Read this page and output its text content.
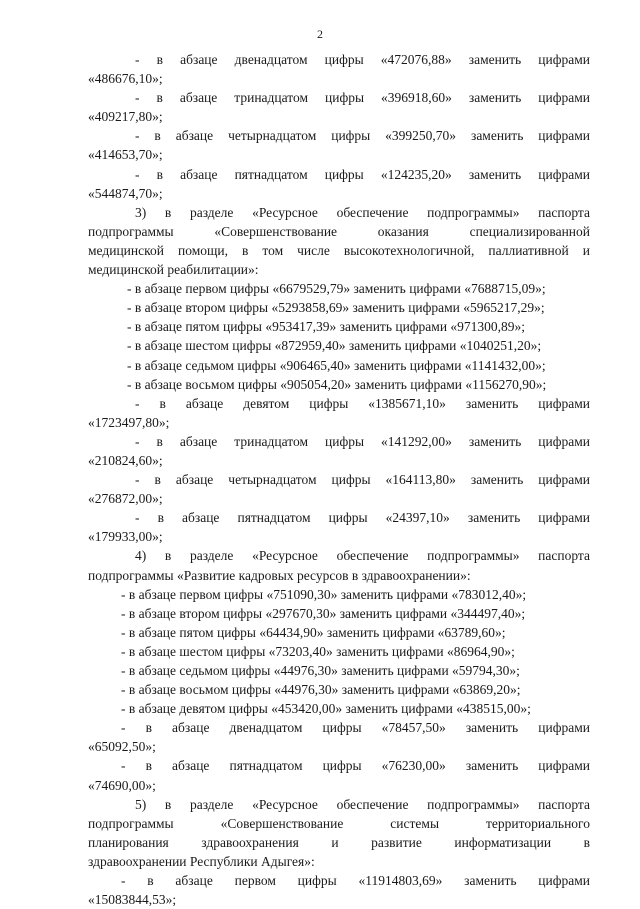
2
- в абзаце двенадцатом цифры «472076,88» заменить цифрами
«486676,10»;
- в абзаце тринадцатом цифры «396918,60» заменить цифрами
«409217,80»;
- в абзаце четырнадцатом цифры «399250,70» заменить цифрами
«414653,70»;
- в абзаце пятнадцатом цифры «124235,20» заменить цифрами
«544874,70»;
3) в разделе «Ресурсное обеспечение подпрограммы» паспорта
подпрограммы «Совершенствование оказания специализированной
медицинской помощи, в том числе высокотехнологичной, паллиативной и
медицинской реабилитации»:
- в абзаце первом цифры «6679529,79» заменить цифрами «7688715,09»;
- в абзаце втором цифры «5293858,69» заменить цифрами «5965217,29»;
- в абзаце пятом цифры «953417,39» заменить цифрами «971300,89»;
- в абзаце шестом цифры «872959,40» заменить цифрами «1040251,20»;
- в абзаце седьмом цифры «906465,40» заменить цифрами «1141432,00»;
- в абзаце восьмом цифры «905054,20» заменить цифрами «1156270,90»;
- в абзаце девятом цифры «1385671,10» заменить цифрами
«1723497,80»;
- в абзаце тринадцатом цифры «141292,00» заменить цифрами
«210824,60»;
- в абзаце четырнадцатом цифры «164113,80» заменить цифрами
«276872,00»;
- в абзаце пятнадцатом цифры «24397,10» заменить цифрами
«179933,00»;
4) в разделе «Ресурсное обеспечение подпрограммы» паспорта
подпрограммы «Развитие кадровых ресурсов в здравоохранении»:
- в абзаце первом цифры «751090,30» заменить цифрами «783012,40»;
- в абзаце втором цифры «297670,30» заменить цифрами «344497,40»;
- в абзаце пятом цифры «64434,90» заменить цифрами «63789,60»;
- в абзаце шестом цифры «73203,40» заменить цифрами «86964,90»;
- в абзаце седьмом цифры «44976,30» заменить цифрами «59794,30»;
- в абзаце восьмом цифры «44976,30» заменить цифрами «63869,20»;
- в абзаце девятом цифры «453420,00» заменить цифрами «438515,00»;
- в абзаце двенадцатом цифры «78457,50» заменить цифрами
«65092,50»;
- в абзаце пятнадцатом цифры «76230,00» заменить цифрами
«74690,00»;
5) в разделе «Ресурсное обеспечение подпрограммы» паспорта
подпрограммы «Совершенствование системы территориального
планирования здравоохранения и развитие информатизации в
здравоохранении Республики Адыгея»:
- в абзаце первом цифры «11914803,69» заменить цифрами
«15083844,53»;
